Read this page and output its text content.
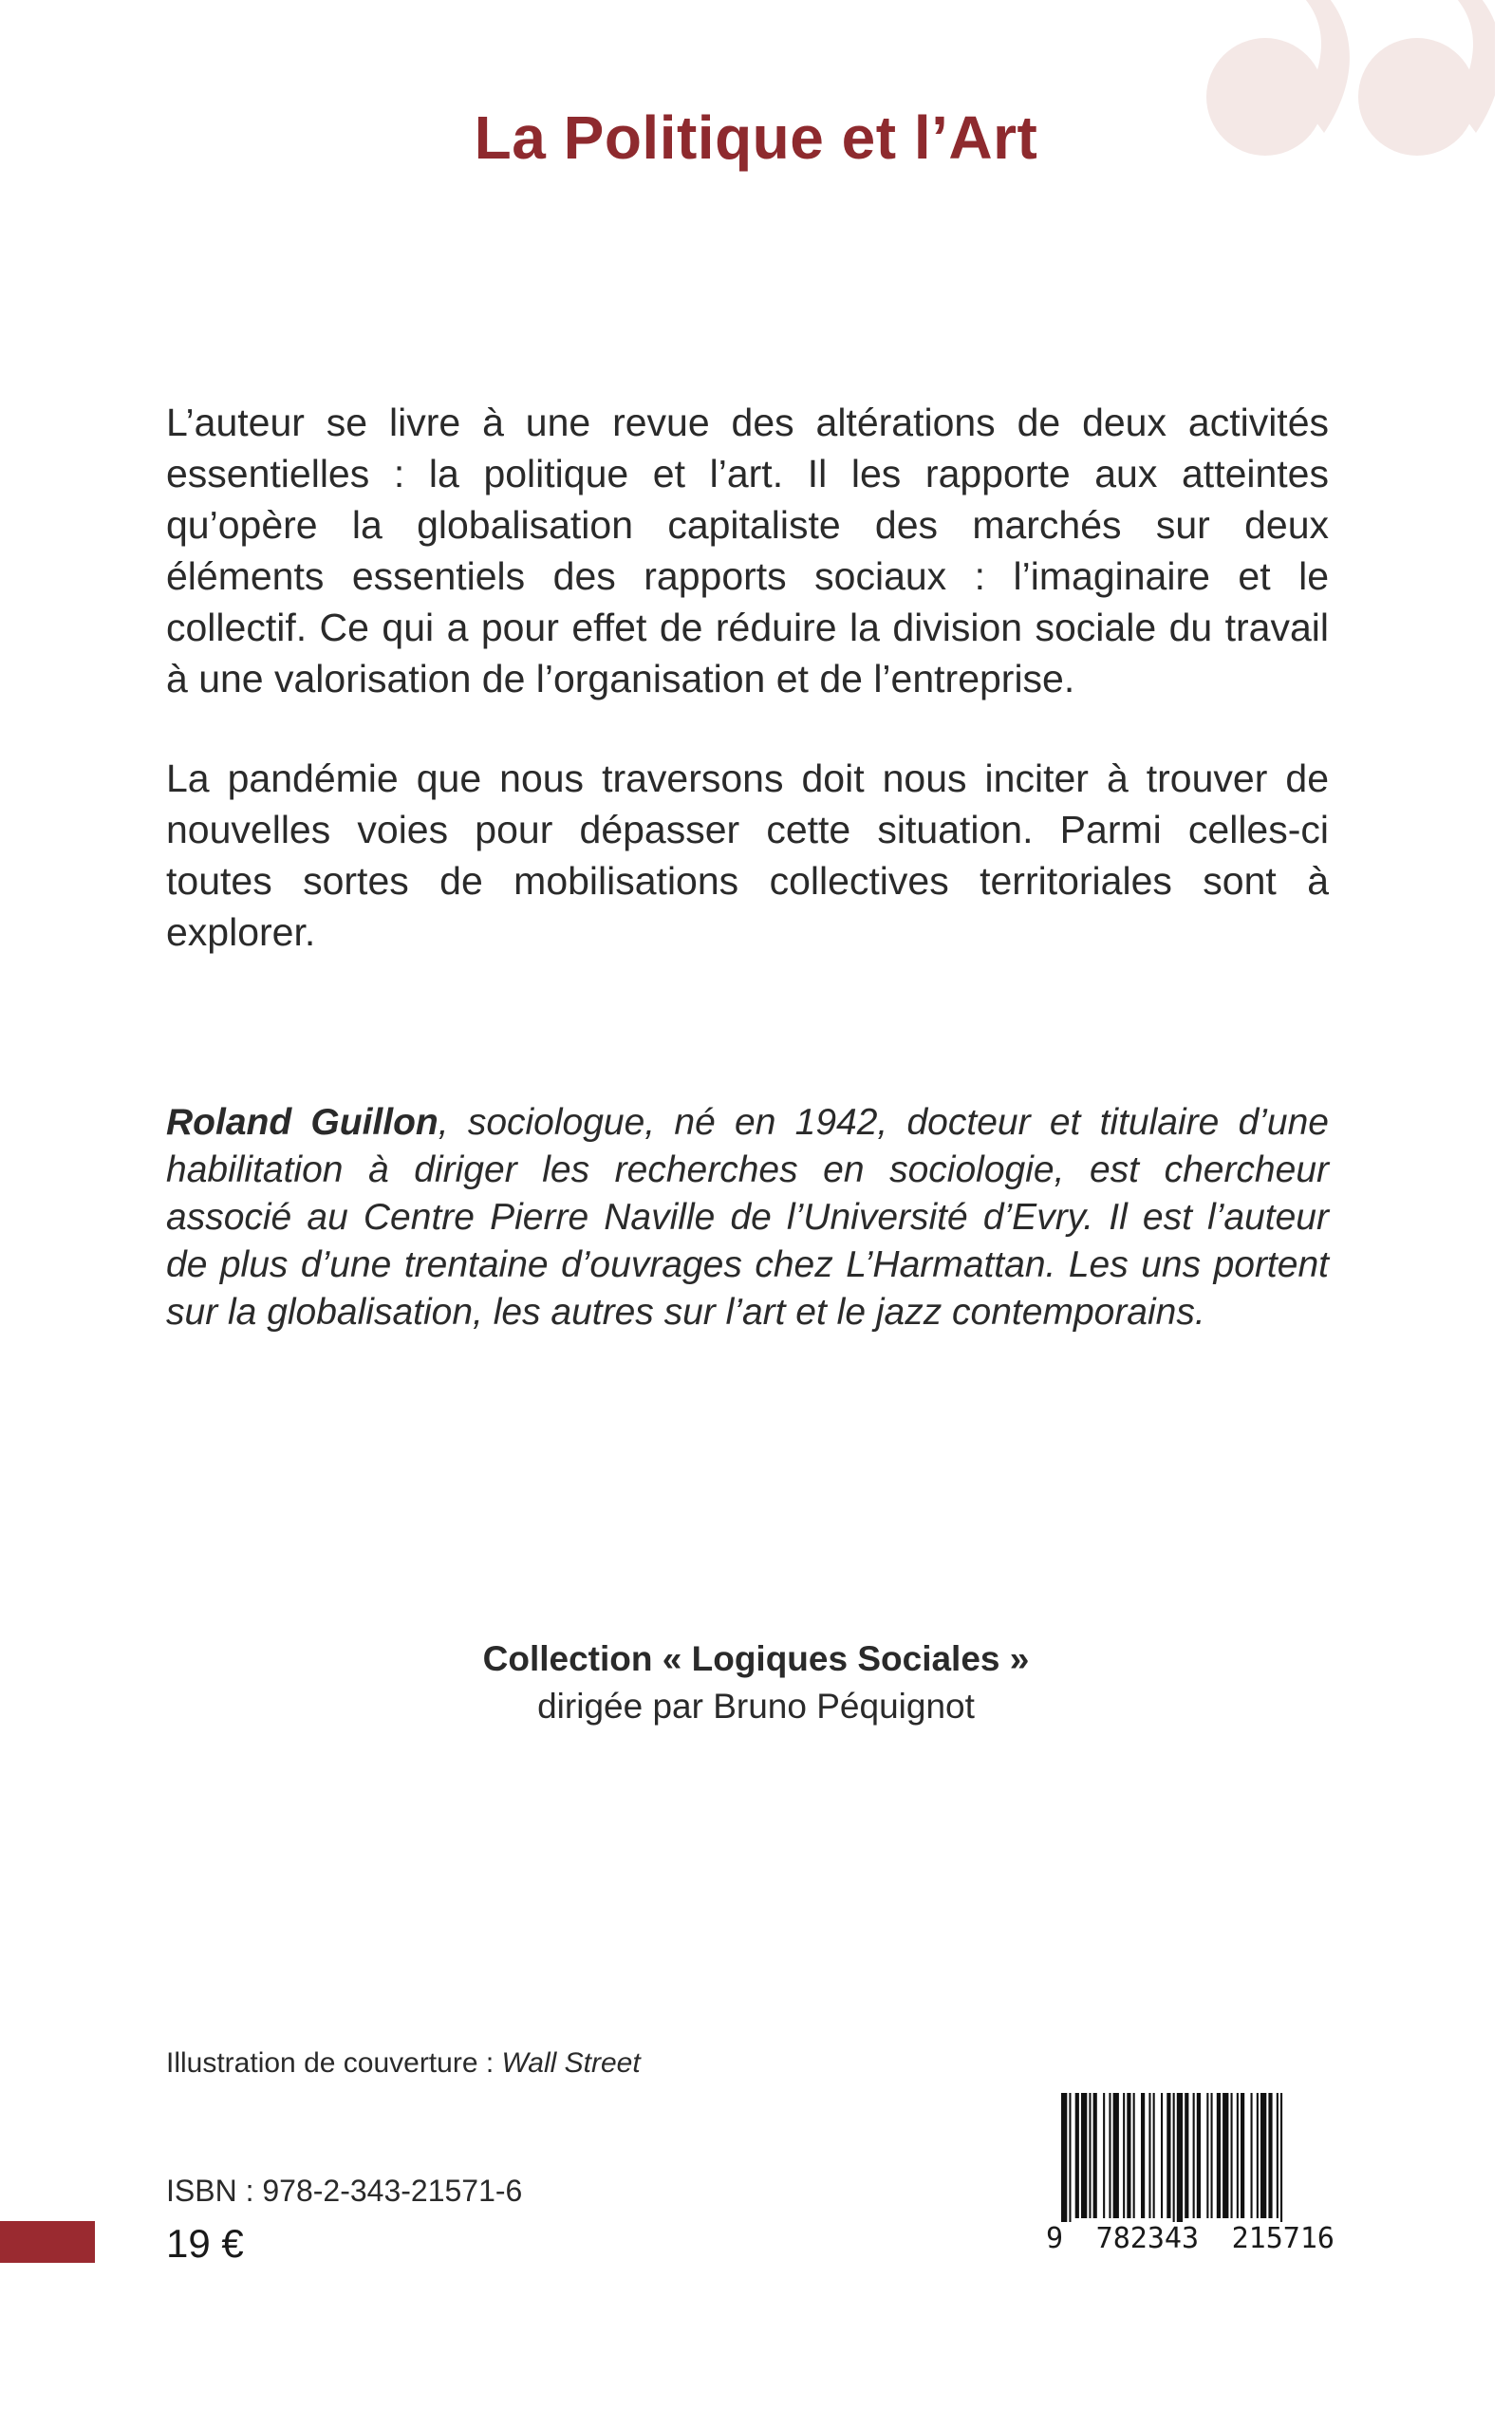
La Politique et l’Art

L’auteur se livre à une revue des altérations de deux activités essentielles : la politique et l’art. Il les rapporte aux atteintes qu’opère la globalisation capitaliste des marchés sur deux éléments essentiels des rapports sociaux : l’imaginaire et le collectif. Ce qui a pour effet de réduire la division sociale du travail à une valorisation de l’organisation et de l’entreprise.

La pandémie que nous traversons doit nous inciter à trouver de nouvelles voies pour dépasser cette situation. Parmi celles-ci toutes sortes de mobilisations collectives territoriales sont à explorer.

Roland Guillon, sociologue, né en 1942, docteur et titulaire d’une habilitation à diriger les recherches en sociologie, est chercheur associé au Centre Pierre Naville de l’Université d’Evry. Il est l’auteur de plus d’une trentaine d’ouvrages chez L’Harmattan. Les uns portent sur la globalisation, les autres sur l’art et le jazz contemporains.

Collection « Logiques Sociales »
dirigée par Bruno Péquignot
Illustration de couverture : Wall Street
ISBN : 978-2-343-21571-6
19 €	9 782343 215716
